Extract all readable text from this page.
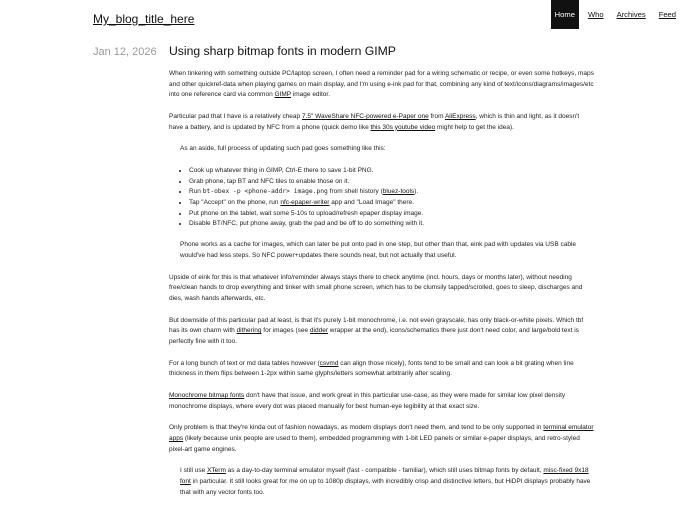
My_blog_title_here	Home	Who	Archives	Feed
Jan 12, 2026 Using sharp bitmap fonts in modern GIMP

When tinkering with something outside PC/laptop screen, I often need a reminder pad for a wiring schematic or recipe, or even some hotkeys, maps and other quickref-data when playing games on main display, and I'm using e-ink pad for that, combining any kind of text/icons/diagrams/images/etc into one reference card via common GIMP image editor.

Particular pad that I have is a relatively cheap 7.5" WaveShare NFC-powered e-Paper one from AliExpress, which is thin and light, as it doesn't have a battery, and is updated by NFC from a phone (quick demo like this 30s youtube video might help to get the idea).

As an aside, full process of updating such pad goes something like this:

• Cook up whatever thing in GIMP, Ctrl-E there to save 1-bit PNG.
• Grab phone, tap BT and NFC tiles to enable those on it.
• Run bt-obex -p <phone-addr> image.png from shell history (bluez-tools).
• Tap "Accept" on the phone, run nfc-epaper-writer app and "Load Image" there.
• Put phone on the tablet, wait some 5-10s to upload/refresh epaper display image.
• Disable BT/NFC, put phone away, grab the pad and be off to do something with it.

Phone works as a cache for images, which can later be put onto pad in one step, but other than that, eink pad with updates via USB cable would've had less steps. So NFC power+updates there sounds neat, but not actually that useful.

Upside of eink for this is that whatever info/reminder always stays there to check anytime (incl. hours, days or months later), without needing free/clean hands to drop everything and tinker with small phone screen, which has to be clumsily tapped/scrolled, goes to sleep, discharges and dies, wash hands afterwards, etc.

But downside of this particular pad at least, is that it's purely 1-bit monochrome, i.e. not even grayscale, has only black-or-white pixels. Which tbf has its own charm with dithering for images (see didder wrapper at the end), icons/schematics there just don't need color, and large/bold text is perfectly fine with it too.

For a long bunch of text or md data tables however (csvmd can align those nicely), fonts tend to be small and can look a bit grating when line thickness in them flips between 1-2px within same glyphs/letters somewhat arbitrarily after scaling.

Monochrome bitmap fonts don't have that issue, and work great in this particular use-case, as they were made for similar low pixel density monochrome displays, where every dot was placed manually for best human-eye legibility at that exact size.

Only problem is that they're kinda out of fashion nowadays, as modern displays don't need them, and tend to be only supported in terminal emulator apps (likely because unix people are used to them), embedded programming with 1-bit LED panels or similar e-paper displays, and retro-styled pixel-art game engines.

I still use XTerm as a day-to-day terminal emulator myself (fast - compatible - familiar), which still uses bitmap fonts by default, misc-fixed 9x18 font in particular. It still looks great for me on up to 1080p displays, with incredibly crisp and distinctive letters, but HiDPI displays probably have that with any vector fonts too.
